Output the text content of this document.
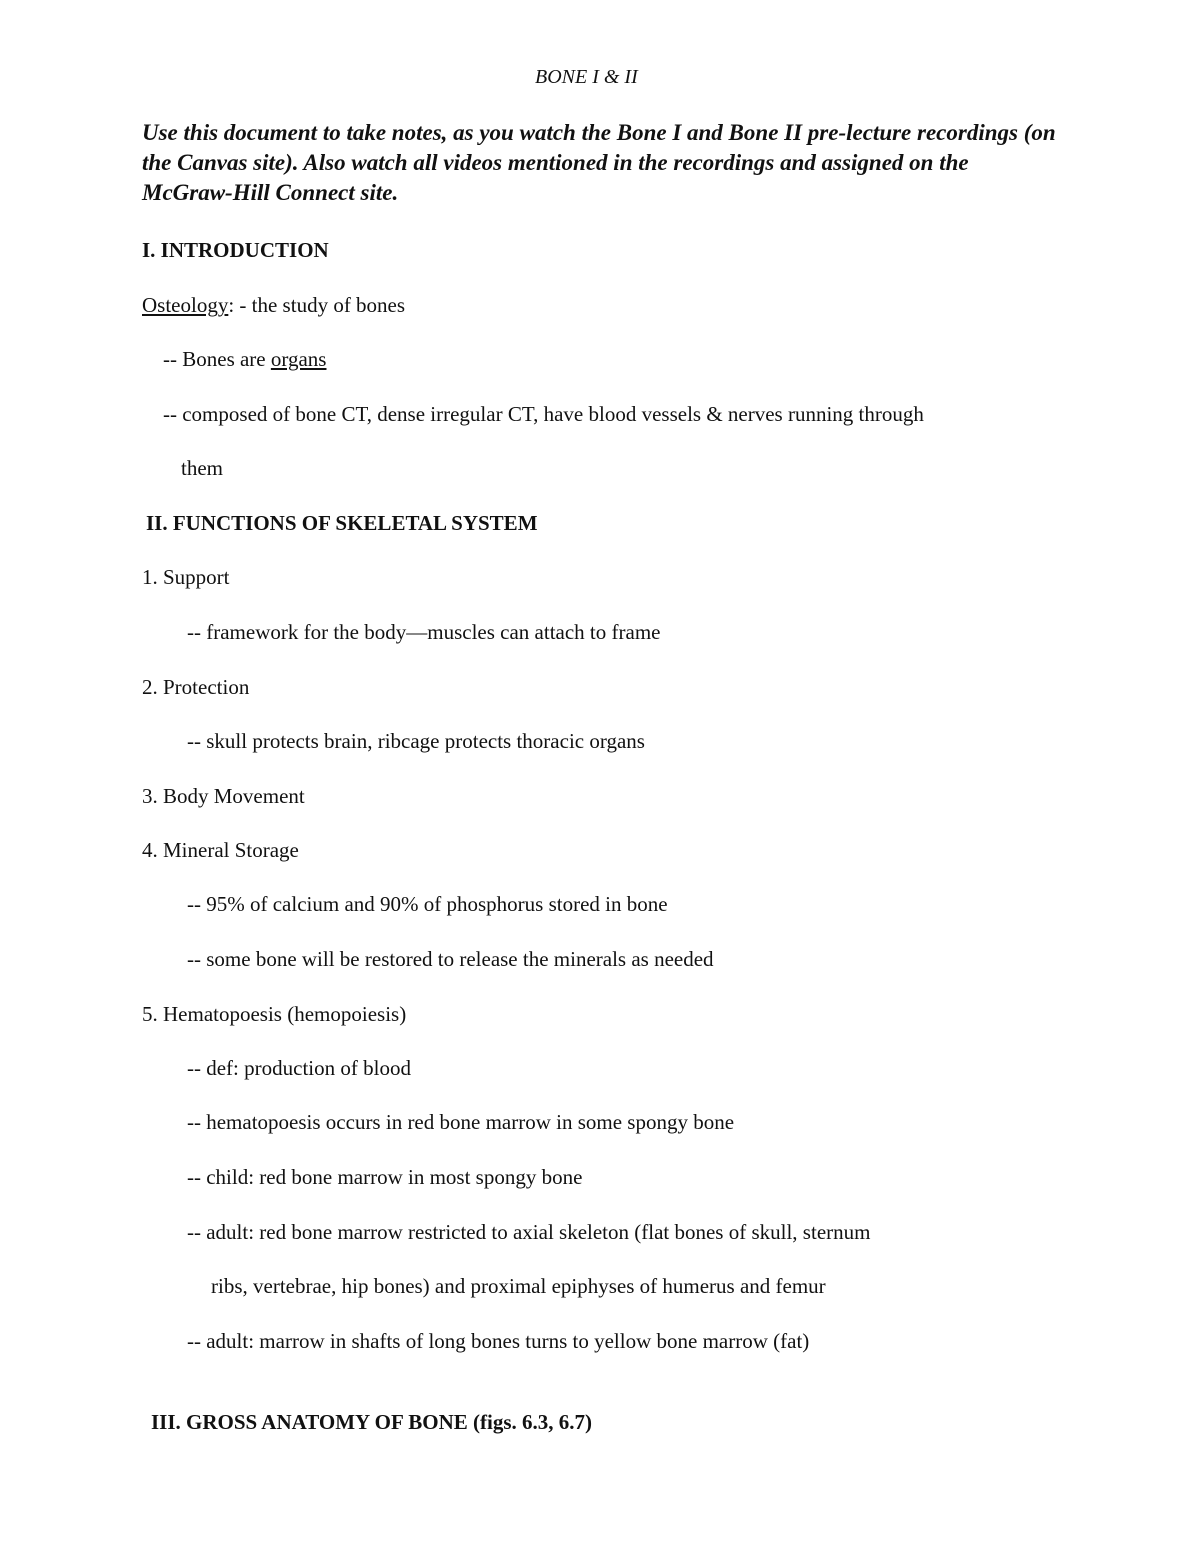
BONE I & II
Use this document to take notes, as you watch the Bone I and Bone II pre-lecture recordings (on the Canvas site). Also watch all videos mentioned in the recordings and assigned on the McGraw-Hill Connect site.
I. INTRODUCTION
Osteology: - the study of bones
-- Bones are organs
-- composed of bone CT, dense irregular CT, have blood vessels & nerves running through
them
II. FUNCTIONS OF SKELETAL SYSTEM
1. Support
-- framework for the body—muscles can attach to frame
2. Protection
-- skull protects brain, ribcage protects thoracic organs
3. Body Movement
4. Mineral Storage
-- 95% of calcium and 90% of phosphorus stored in bone
-- some bone will be restored to release the minerals as needed
5. Hematopoesis (hemopoiesis)
-- def: production of blood
-- hematopoesis occurs in red bone marrow in some spongy bone
-- child: red bone marrow in most spongy bone
-- adult: red bone marrow restricted to axial skeleton (flat bones of skull, sternum
ribs, vertebrae, hip bones) and proximal epiphyses of humerus and femur
-- adult: marrow in shafts of long bones turns to yellow bone marrow (fat)
III. GROSS ANATOMY OF BONE (figs. 6.3, 6.7)
